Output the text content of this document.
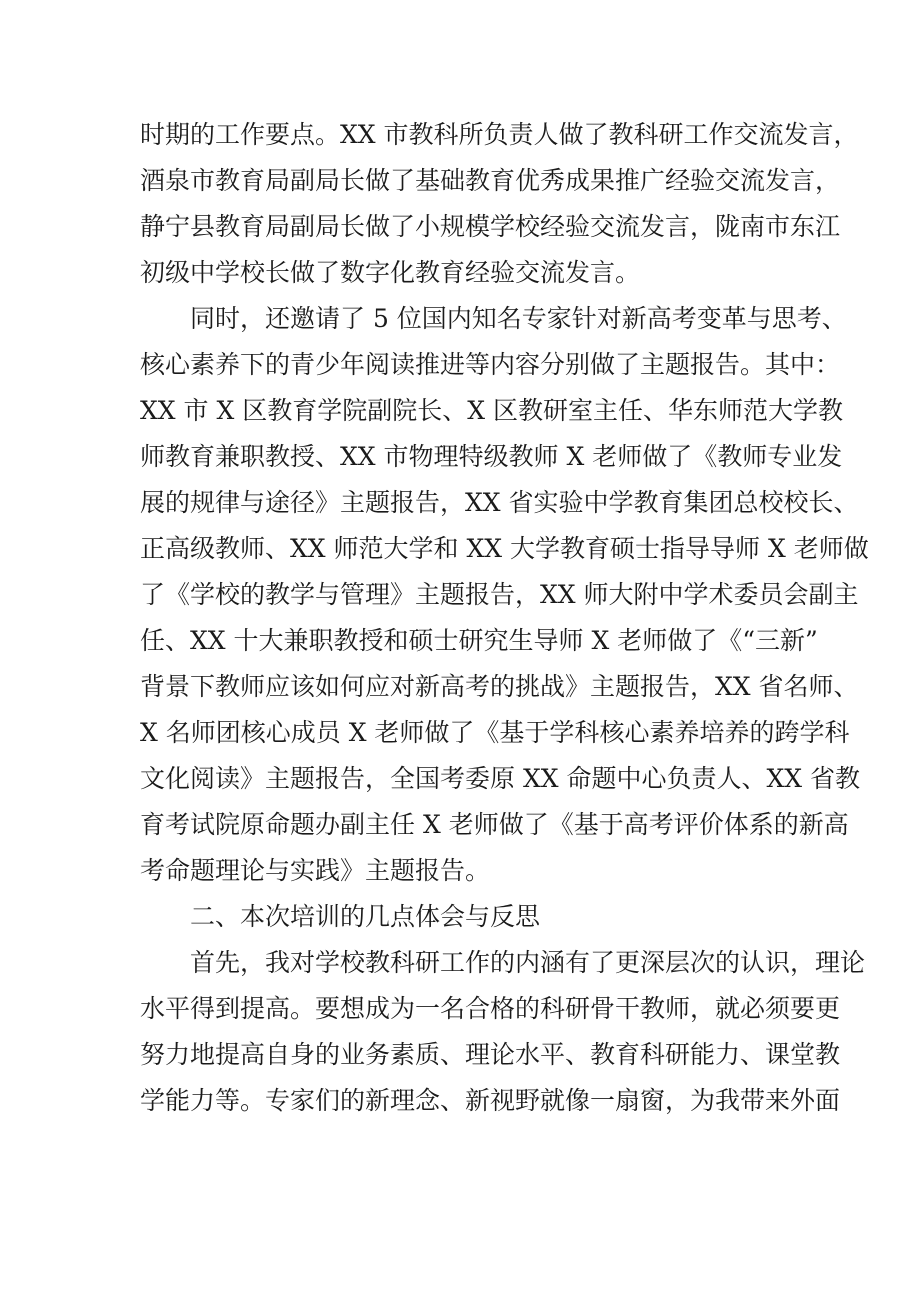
时期的工作要点。XX 市教科所负责人做了教科研工作交流发言，
酒泉市教育局副局长做了基础教育优秀成果推广经验交流发言，
静宁县教育局副局长做了小规模学校经验交流发言，陇南市东江
初级中学校长做了数字化教育经验交流发言。
同时，还邀请了 5 位国内知名专家针对新高考变革与思考、
核心素养下的青少年阅读推进等内容分别做了主题报告。其中：
XX 市 X 区教育学院副院长、X 区教研室主任、华东师范大学教
师教育兼职教授、XX 市物理特级教师 X 老师做了《教师专业发
展的规律与途径》主题报告，XX 省实验中学教育集团总校校长、
正高级教师、XX 师范大学和 XX 大学教育硕士指导导师 X 老师做
了《学校的教学与管理》主题报告，XX 师大附中学术委员会副主
任、XX 十大兼职教授和硕士研究生导师 X 老师做了《“三新”
背景下教师应该如何应对新高考的挑战》主题报告，XX 省名师、
X 名师团核心成员 X 老师做了《基于学科核心素养培养的跨学科
文化阅读》主题报告，全国考委原 XX 命题中心负责人、XX 省教
育考试院原命题办副主任 X 老师做了《基于高考评价体系的新高
考命题理论与实践》主题报告。
二、本次培训的几点体会与反思
首先，我对学校教科研工作的内涵有了更深层次的认识，理论
水平得到提高。要想成为一名合格的科研骨干教师，就必须要更
努力地提高自身的业务素质、理论水平、教育科研能力、课堂教
学能力等。专家们的新理念、新视野就像一扇窗，为我带来外面
